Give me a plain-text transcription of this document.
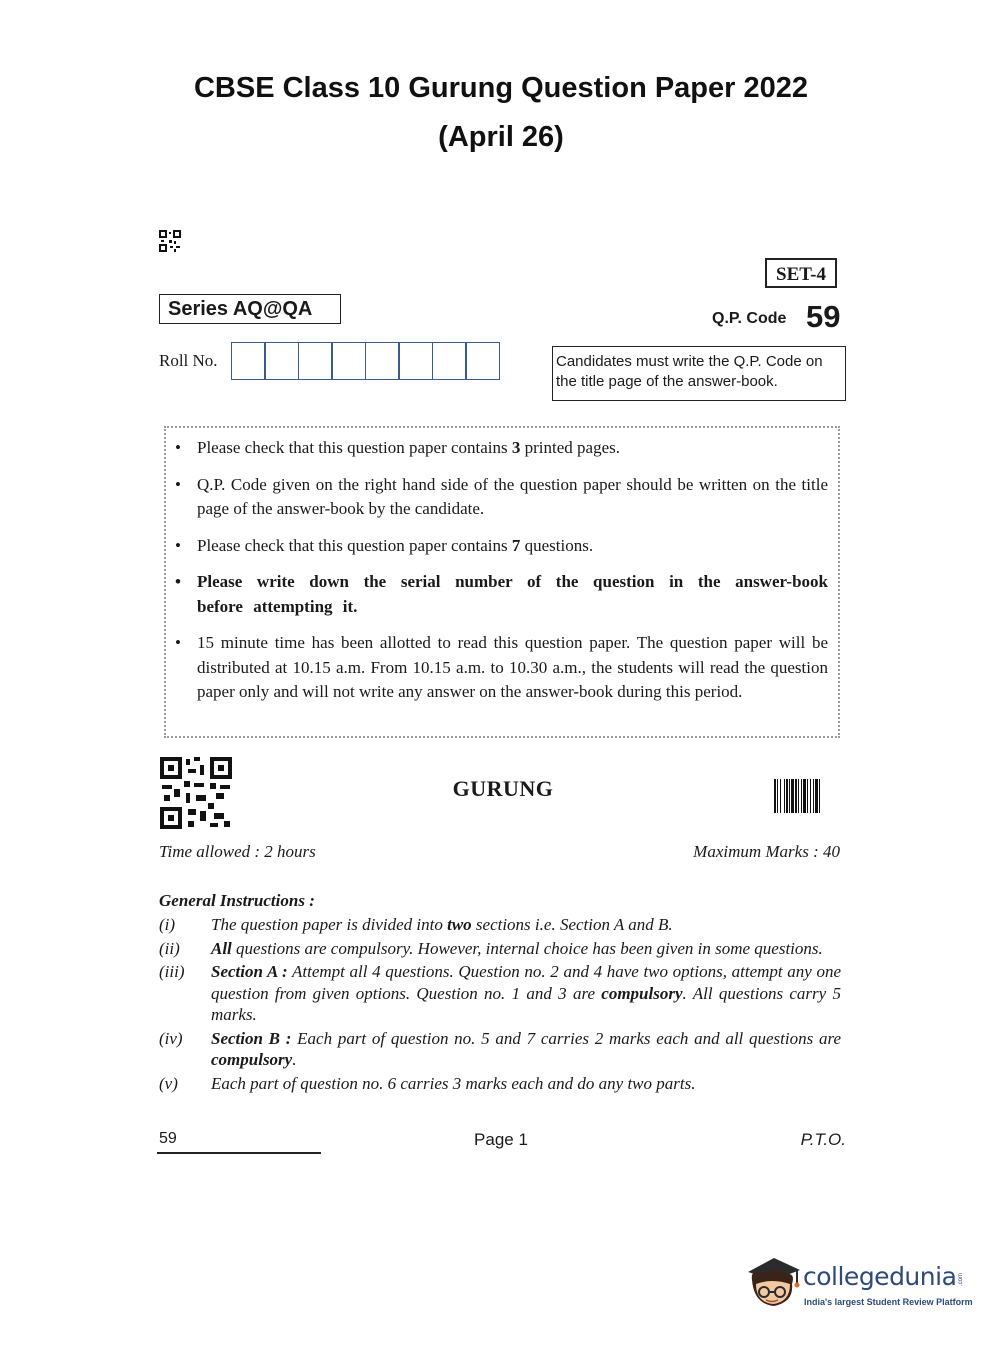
CBSE Class 10 Gurung Question Paper 2022
(April 26)
SET-4
Series AQ@QA	Q.P. Code 59
Roll No.	Candidates must write the Q.P. Code on the title page of the answer-book.
• Please check that this question paper contains 3 printed pages.
• Q.P. Code given on the right hand side of the question paper should be written on the title page of the answer-book by the candidate.
• Please check that this question paper contains 7 questions.
• Please write down the serial number of the question in the answer-book before attempting it.
• 15 minute time has been allotted to read this question paper. The question paper will be distributed at 10.15 a.m. From 10.15 a.m. to 10.30 a.m., the students will read the question paper only and will not write any answer on the answer-book during this period.
GURUNG
Time allowed : 2 hours	Maximum Marks : 40
General Instructions :
(i)	The question paper is divided into two sections i.e. Section A and B.
(ii)	All questions are compulsory. However, internal choice has been given in some questions.
(iii)	Section A : Attempt all 4 questions. Question no. 2 and 4 have two options, attempt any one question from given options. Question no. 1 and 3 are compulsory. All questions carry 5 marks.
(iv)	Section B : Each part of question no. 5 and 7 carries 2 marks each and all questions are compulsory.
(v)	Each part of question no. 6 carries 3 marks each and do any two parts.
59	Page 1	P.T.O.
.com
collegedunia
India's largest Student Review Platform
